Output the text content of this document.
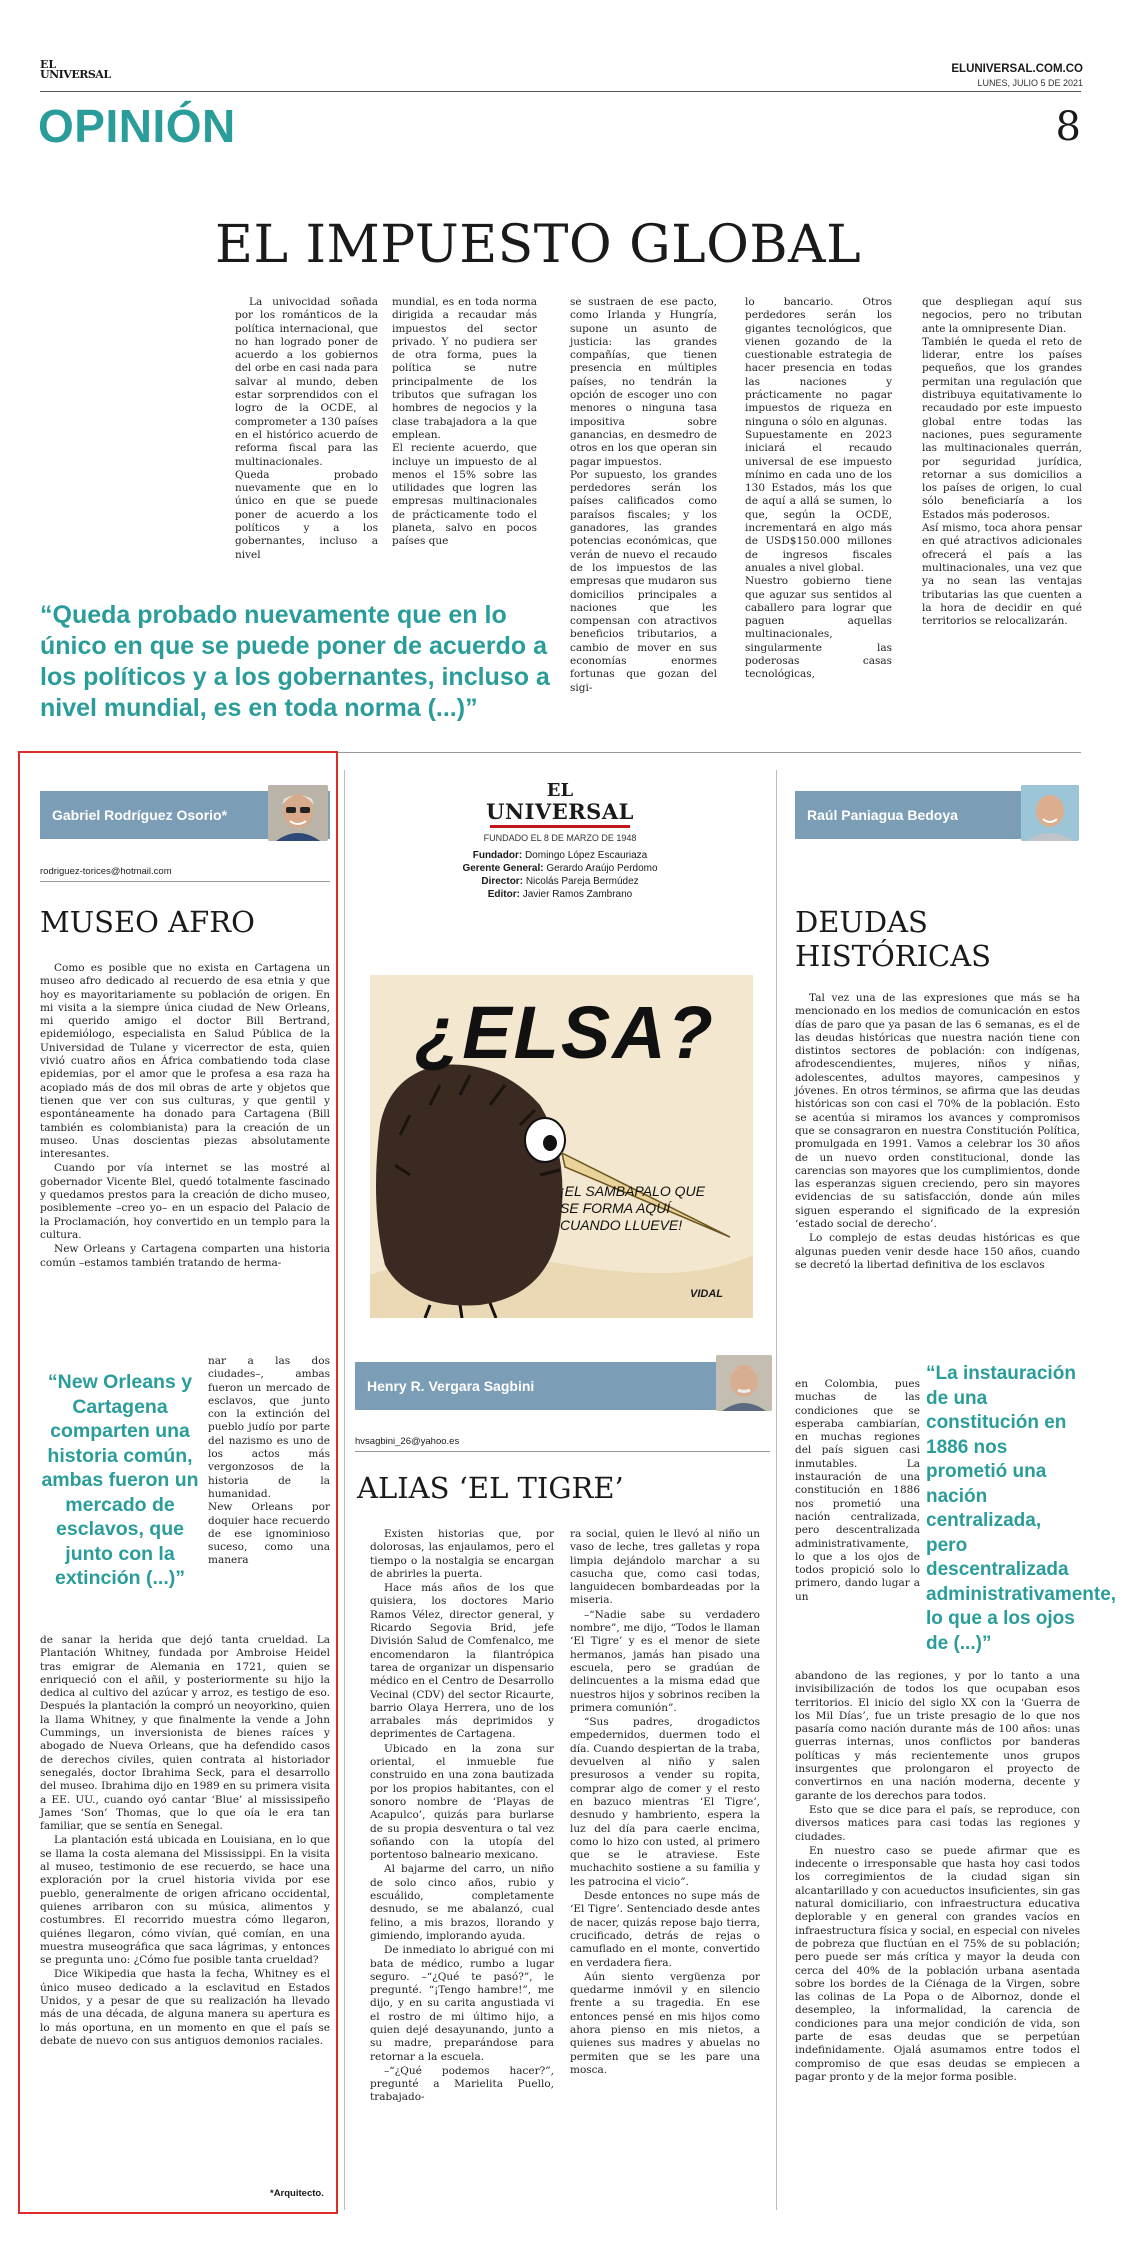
EL
UNIVERSAL	ELUNIVERSAL.COM.CO
LUNES, JULIO 5 DE 2021
OPINIÓN	8
EL IMPUESTO GLOBAL

La univocidad soñada por los románticos de la política internacional, que no han logrado poner de acuerdo a los gobiernos del orbe en casi nada para salvar al mundo, deben estar sorprendidos con el logro de la OCDE, al comprometer a 130 países en el histórico acuerdo de reforma fiscal para las multinacionales.
Queda probado nuevamente que en lo único en que se puede poner de acuerdo a los políticos y a los gobernantes, incluso a nivel

mundial, es en toda norma dirigida a recaudar más impuestos del sector privado. Y no pudiera ser de otra forma, pues la política se nutre principalmente de los tributos que sufragan los hombres de negocios y la clase trabajadora a la que emplean.
El reciente acuerdo, que incluye un impuesto de al menos el 15% sobre las utilidades que logren las empresas multinacionales de prácticamente todo el planeta, salvo en pocos países que

se sustraen de ese pacto, como Irlanda y Hungría, supone un asunto de justicia: las grandes compañías, que tienen presencia en múltiples países, no tendrán la opción de escoger uno con menores o ninguna tasa impositiva sobre ganancias, en desmedro de otros en los que operan sin pagar impuestos.
Por supuesto, los grandes perdedores serán los países calificados como paraísos fiscales; y los ganadores, las grandes potencias económicas, que verán de nuevo el recaudo de los impuestos de las empresas que mudaron sus domicilios principales a naciones que les compensan con atractivos beneficios tributarios, a cambio de mover en sus economías enormes fortunas que gozan del sigi-

lo bancario. Otros perdedores serán los gigantes tecnológicos, que vienen gozando de la cuestionable estrategia de hacer presencia en todas las naciones y prácticamente no pagar impuestos de riqueza en ninguna o sólo en algunas.
Supuestamente en 2023 iniciará el recaudo universal de ese impuesto mínimo en cada uno de los 130 Estados, más los que de aquí a allá se sumen, lo que, según la OCDE, incrementará en algo más de USD$150.000 millones de ingresos fiscales anuales a nivel global.
Nuestro gobierno tiene que aguzar sus sentidos al caballero para lograr que paguen aquellas multinacionales, singularmente las poderosas casas tecnológicas,

que despliegan aquí sus negocios, pero no tributan ante la omnipresente Dian.
También le queda el reto de liderar, entre los países pequeños, que los grandes permitan una regulación que distribuya equitativamente lo recaudado por este impuesto global entre todas las naciones, pues seguramente las multinacionales querrán, por seguridad jurídica, retornar a sus domicilios a los países de origen, lo cual sólo beneficiaría a los Estados más poderosos.
Así mismo, toca ahora pensar en qué atractivos adicionales ofrecerá el país a las multinacionales, una vez que ya no sean las ventajas tributarias las que cuenten a la hora de decidir en qué territorios se relocalizarán.

“Queda probado nuevamente que en lo único en que se puede poner de acuerdo a los políticos y a los gobernantes, incluso a nivel mundial, es en toda norma (...)”
Gabriel Rodríguez Osorio*
rodriguez-torices@hotmail.com
MUSEO AFRO

Como es posible que no exista en Cartagena un museo afro dedicado al recuerdo de esa etnia y que hoy es mayoritariamente su población de origen. En mi visita a la siempre única ciudad de New Orleans, mi querido amigo el doctor Bill Bertrand, epidemiólogo, especialista en Salud Pública de la Universidad de Tulane y vicerrector de esta, quien vivió cuatro años en África combatiendo toda clase epidemias, por el amor que le profesa a esa raza ha acopiado más de dos mil obras de arte y objetos que tienen que ver con sus culturas, y que gentil y espontáneamente ha donado para Cartagena (Bill también es colombianista) para la creación de un museo. Unas doscientas piezas absolutamente interesantes.

Cuando por vía internet se las mostré al gobernador Vicente Blel, quedó totalmente fascinado y quedamos prestos para la creación de dicho museo, posiblemente –creo yo– en un espacio del Palacio de la Proclamación, hoy convertido en un templo para la cultura.

New Orleans y Cartagena comparten una historia común –estamos también tratando de herma-

“New Orleans y Cartagena comparten una historia común, ambas fueron un mercado de esclavos, que junto con la extinción (...)”

nar a las dos ciudades–, ambas fueron un mercado de esclavos, que junto con la extinción del pueblo judío por parte del nazismo es uno de los actos más vergonzosos de la historia de la humanidad.
New Orleans por doquier hace recuerdo de ese ignominioso suceso, como una manera

de sanar la herida que dejó tanta crueldad. La Plantación Whitney, fundada por Ambroise Heidel tras emigrar de Alemania en 1721, quien se enriqueció con el añil, y posteriormente su hijo la dedica al cultivo del azúcar y arroz, es testigo de eso. Después la plantación la compró un neoyorkino, quien la llama Whitney, y que finalmente la vende a John Cummings, un inversionista de bienes raíces y abogado de Nueva Orleans, que ha defendido casos de derechos civiles, quien contrata al historiador senegalés, doctor Ibrahima Seck, para el desarrollo del museo. Ibrahima dijo en 1989 en su primera visita a EE. UU., cuando oyó cantar ‘Blue’ al mississipeño James ‘Son’ Thomas, que lo que oía le era tan familiar, que se sentía en Senegal.

La plantación está ubicada en Louisiana, en lo que se llama la costa alemana del Mississippi. En la visita al museo, testimonio de ese recuerdo, se hace una exploración por la cruel historia vivida por ese pueblo, generalmente de origen africano occidental, quienes arribaron con su música, alimentos y costumbres. El recorrido muestra cómo llegaron, quiénes llegaron, cómo vivían, qué comían, en una muestra museográfica que saca lágrimas, y entonces se pregunta uno: ¿Cómo fue posible tanta crueldad?

Dice Wikipedia que hasta la fecha, Whitney es el único museo dedicado a la esclavitud en Estados Unidos, y a pesar de que su realización ha llevado más de una década, de alguna manera su apertura es lo más oportuna, en un momento en que el país se debate de nuevo con sus antiguos demonios raciales.

*Arquitecto.
EL
UNIVERSAL
FUNDADO EL 8 DE MARZO DE 1948
Fundador: Domingo López Escauriaza
Gerente General: Gerardo Araújo Perdomo
Director: Nicolás Pareja Bermúdez
Editor: Javier Ramos Zambrano
¿ELSA?
¡EL SAMBAPALO QUE SE FORMA AQUÍ CUANDO LLUEVE!
VIDAL
Henry R. Vergara Sagbini
hvsagbini_26@yahoo.es
ALIAS ‘EL TIGRE’

Existen historias que, por dolorosas, las enjaulamos, pero el tiempo o la nostalgia se encargan de abrirles la puerta.

Hace más años de los que quisiera, los doctores Mario Ramos Vélez, director general, y Ricardo Segovia Brid, jefe División Salud de Comfenalco, me encomendaron la filantrópica tarea de organizar un dispensario médico en el Centro de Desarrollo Vecinal (CDV) del sector Ricaurte, barrio Olaya Herrera, uno de los arrabales más deprimidos y deprimentes de Cartagena.

Ubicado en la zona sur oriental, el inmueble fue construido en una zona bautizada por los propios habitantes, con el sonoro nombre de ‘Playas de Acapulco’, quizás para burlarse de su propia desventura o tal vez soñando con la utopía del portentoso balneario mexicano.

Al bajarme del carro, un niño de solo cinco años, rubio y escuálido, completamente desnudo, se me abalanzó, cual felino, a mis brazos, llorando y gimiendo, implorando ayuda.

De inmediato lo abrigué con mi bata de médico, rumbo a lugar seguro. –“¿Qué te pasó?”, le pregunté. “¡Tengo hambre!”, me dijo, y en su carita angustiada vi el rostro de mi último hijo, a quien dejé desayunando, junto a su madre, preparándose para retornar a la escuela.

–“¿Qué podemos hacer?”, pregunté a Marielita Puello, trabajado-

ra social, quien le llevó al niño un vaso de leche, tres galletas y ropa limpia dejándolo marchar a su casucha que, como casi todas, languidecen bombardeadas por la miseria.

–“Nadie sabe su verdadero nombre”, me dijo, “Todos le llaman ‘El Tigre’ y es el menor de siete hermanos, jamás han pisado una escuela, pero se gradúan de delincuentes a la misma edad que nuestros hijos y sobrinos reciben la primera comunión”.

“Sus padres, drogadictos empedernidos, duermen todo el día. Cuando despiertan de la traba, devuelven al niño y salen presurosos a vender su ropita, comprar algo de comer y el resto en bazuco mientras ‘El Tigre’, desnudo y hambriento, espera la luz del día para caerle encima, como lo hizo con usted, al primero que se le atraviese. Este muchachito sostiene a su familia y les patrocina el vicio”.

Desde entonces no supe más de ‘El Tigre’. Sentenciado desde antes de nacer, quizás repose bajo tierra, crucificado, detrás de rejas o camuflado en el monte, convertido en verdadera fiera.

Aún siento vergüenza por quedarme inmóvil y en silencio frente a su tragedia. En ese entonces pensé en mis hijos como ahora pienso en mis nietos, a quienes sus madres y abuelas no permiten que se les pare una mosca.

Raúl Paniagua Bedoya
DEUDAS HISTÓRICAS

Tal vez una de las expresiones que más se ha mencionado en los medios de comunicación en estos días de paro que ya pasan de las 6 semanas, es el de las deudas históricas que nuestra nación tiene con distintos sectores de población: con indígenas, afrodescendientes, mujeres, niños y niñas, adolescentes, adultos mayores, campesinos y jóvenes. En otros términos, se afirma que las deudas históricas son con casi el 70% de la población. Esto se acentúa si miramos los avances y compromisos que se consagraron en nuestra Constitución Política, promulgada en 1991. Vamos a celebrar los 30 años de un nuevo orden constitucional, donde las carencias son mayores que los cumplimientos, donde las esperanzas siguen creciendo, pero sin mayores evidencias de su satisfacción, donde aún miles siguen esperando el significado de la expresión ‘estado social de derecho’.

Lo complejo de estas deudas históricas es que algunas pueden venir desde hace 150 años, cuando se decretó la libertad definitiva de los esclavos

en Colombia, pues muchas de las condiciones que se esperaba cambiarían, en muchas regiones del país siguen casi inmutables. La instauración de una constitución en 1886 nos prometió una nación centralizada, pero descentralizada administrativamente, lo que a los ojos de todos propició solo lo primero, dando lugar a un

“La instauración de una constitución en 1886 nos prometió una nación centralizada, pero descentralizada administrativamente, lo que a los ojos de (...)”

abandono de las regiones, y por lo tanto a una invisibilización de todos los que ocupaban esos territorios. El inicio del siglo XX con la ‘Guerra de los Mil Días’, fue un triste presagio de lo que nos pasaría como nación durante más de 100 años: unas guerras internas, unos conflictos por banderas políticas y más recientemente unos grupos insurgentes que prolongaron el proyecto de convertirnos en una nación moderna, decente y garante de los derechos para todos.

Esto que se dice para el país, se reproduce, con diversos matices para casi todas las regiones y ciudades.

En nuestro caso se puede afirmar que es indecente o irresponsable que hasta hoy casi todos los corregimientos de la ciudad sigan sin alcantarillado y con acueductos insuficientes, sin gas natural domiciliario, con infraestructura educativa deplorable y en general con grandes vacíos en infraestructura física y social, en especial con niveles de pobreza que fluctúan en el 75% de su población; pero puede ser más crítica y mayor la deuda con cerca del 40% de la población urbana asentada sobre los bordes de la Ciénaga de la Virgen, sobre las colinas de La Popa o de Albornoz, donde el desempleo, la informalidad, la carencia de condiciones para una mejor condición de vida, son parte de esas deudas que se perpetúan indefinidamente. Ojalá asumamos entre todos el compromiso de que esas deudas se empiecen a pagar pronto y de la mejor forma posible.
